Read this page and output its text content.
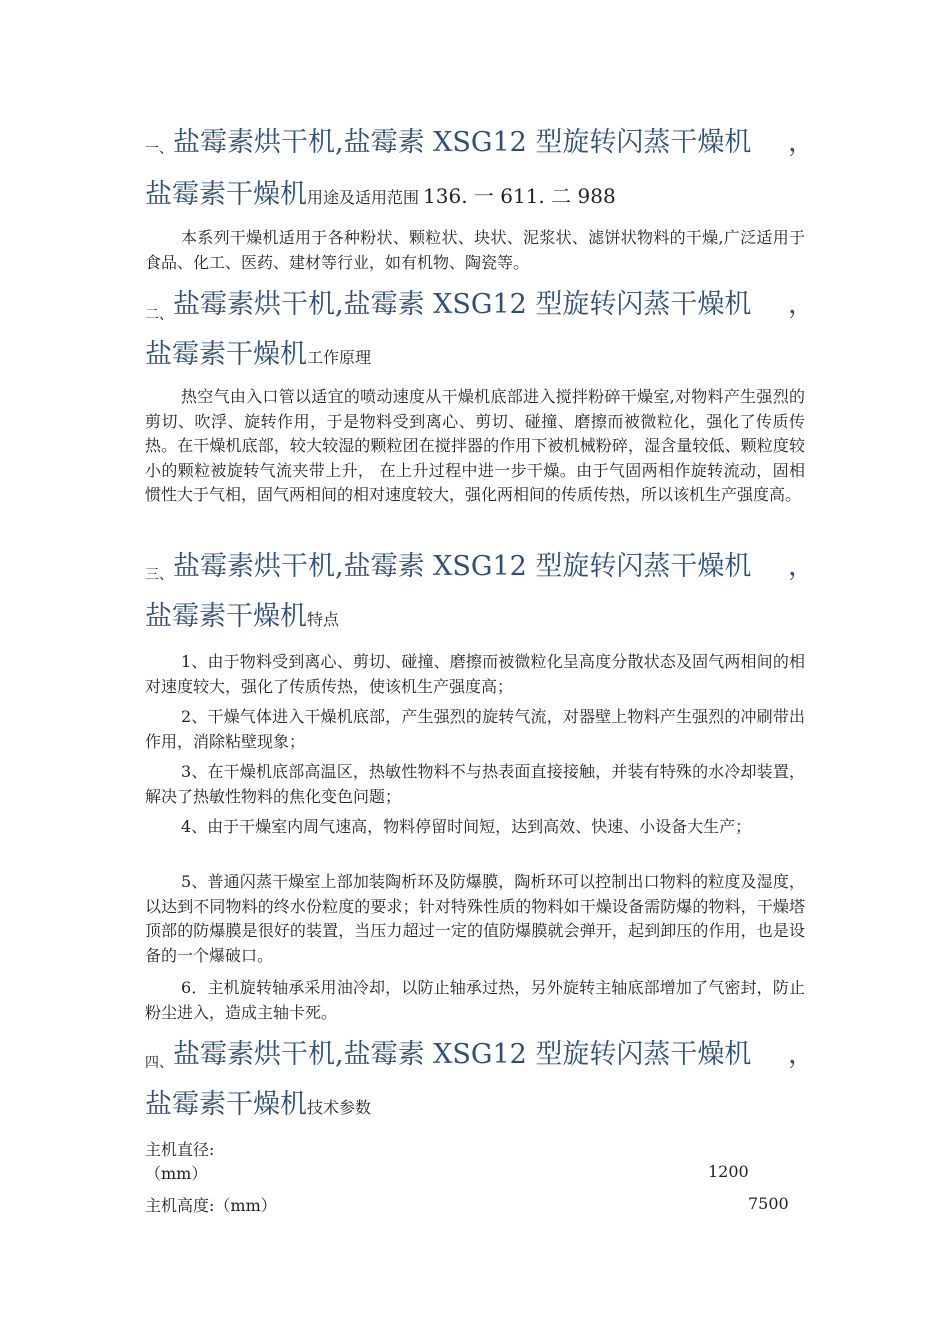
一、 盐霉素烘干机,盐霉素 XSG12 型旋转闪蒸干燥机 ，
盐霉素干燥机用途及适用范围 136. 一 611. 二 988

本系列干燥机适用于各种粉状、颗粒状、块状、泥浆状、滤饼状物料的干燥,广泛适用于食品、化工、医药、建材等行业，如有机物、陶瓷等。

二、 盐霉素烘干机,盐霉素 XSG12 型旋转闪蒸干燥机 ，
盐霉素干燥机工作原理

热空气由入口管以适宜的喷动速度从干燥机底部进入搅拌粉碎干燥室,对物料产生强烈的剪切、吹浮、旋转作用，于是物料受到离心、剪切、碰撞、磨擦而被微粒化，强化了传质传热。在干燥机底部，较大较湿的颗粒团在搅拌器的作用下被机械粉碎，湿含量较低、颗粒度较小的颗粒被旋转气流夹带上升， 在上升过程中进一步干燥。由于气固两相作旋转流动，固相惯性大于气相，固气两相间的相对速度较大，强化两相间的传质传热，所以该机生产强度高。

三、 盐霉素烘干机,盐霉素 XSG12 型旋转闪蒸干燥机 ，
盐霉素干燥机特点

1、由于物料受到离心、剪切、碰撞、磨擦而被微粒化呈高度分散状态及固气两相间的相对速度较大，强化了传质传热，使该机生产强度高；

2、干燥气体进入干燥机底部，产生强烈的旋转气流，对器壁上物料产生强烈的冲刷带出作用，消除粘壁现象；

3、在干燥机底部高温区，热敏性物料不与热表面直接接触，并装有特殊的水冷却装置，解决了热敏性物料的焦化变色问题；

4、由于干燥室内周气速高，物料停留时间短，达到高效、快速、小设备大生产；

5、普通闪蒸干燥室上部加装陶析环及防爆膜，陶析环可以控制出口物料的粒度及湿度，以达到不同物料的终水份粒度的要求；针对特殊性质的物料如干燥设备需防爆的物料，干燥塔顶部的防爆膜是很好的装置，当压力超过一定的值防爆膜就会弹开，起到卸压的作用，也是设备的一个爆破口。

6．主机旋转轴承采用油冷却，以防止轴承过热，另外旋转主轴底部增加了气密封，防止粉尘进入，造成主轴卡死。

四、 盐霉素烘干机,盐霉素 XSG12 型旋转闪蒸干燥机 ，
盐霉素干燥机技术参数
主机直径:
（mm）	1200
主机高度:（mm）	7500
